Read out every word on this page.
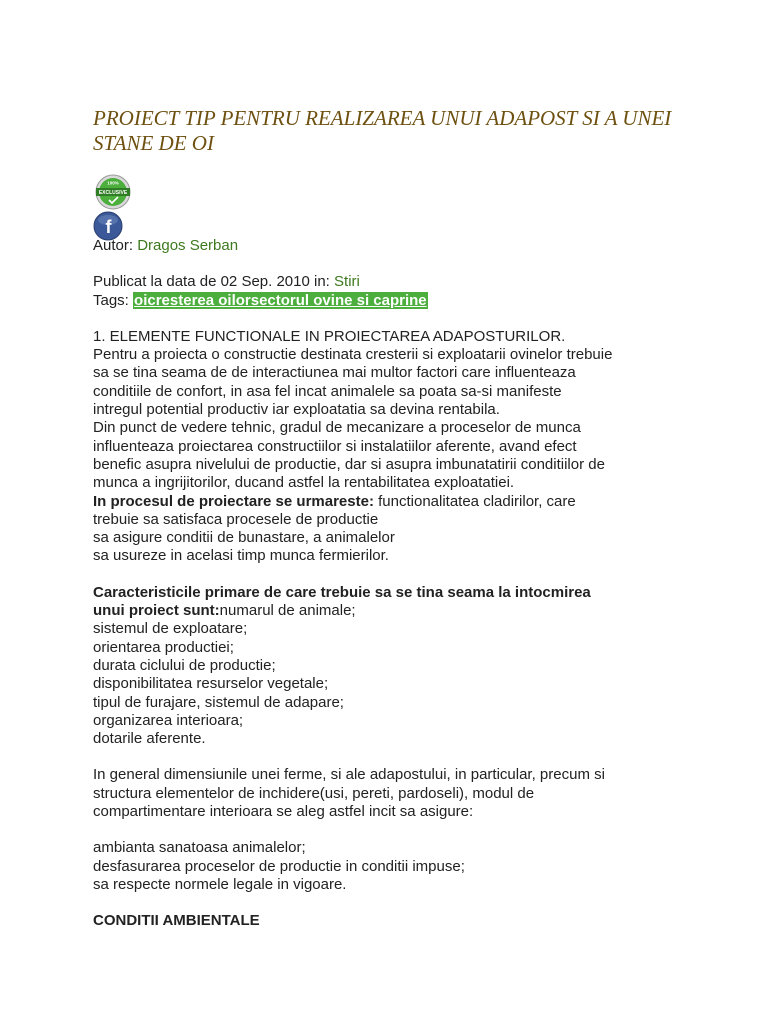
PROIECT TIP PENTRU REALIZAREA UNUI ADAPOST SI A UNEI STANE DE OI
100%
EXCLUSIVE
f

Autor: Dragos Serban

Publicat la data de 02 Sep. 2010 in: Stiri

Tags: oicresterea oilorsectorul ovine si caprine

1. ELEMENTE FUNCTIONALE IN PROIECTAREA ADAPOSTURILOR.

Pentru a proiecta o constructie destinata cresterii si exploatarii ovinelor trebuie

sa se tina seama de de interactiunea mai multor factori care influenteaza

conditiile de confort, in asa fel incat animalele sa poata sa-si manifeste

intregul potential productiv iar exploatatia sa devina rentabila.

Din punct de vedere tehnic, gradul de mecanizare a proceselor de munca

influenteaza proiectarea constructiilor si instalatiilor aferente, avand efect

benefic asupra nivelului de productie, dar si asupra imbunatatirii conditiilor de

munca a ingrijitorilor, ducand astfel la rentabilitatea exploatatiei.

In procesul de proiectare se urmareste: functionalitatea cladirilor, care

trebuie sa satisfaca procesele de productie

sa asigure conditii de bunastare, a animalelor

sa usureze in acelasi timp munca fermierilor.

Caracteristicile primare de care trebuie sa se tina seama la intocmirea

unui proiect sunt:numarul de animale;

sistemul de exploatare;

orientarea productiei;

durata ciclului de productie;

disponibilitatea resurselor vegetale;

tipul de furajare, sistemul de adapare;

organizarea interioara;

dotarile aferente.

In general dimensiunile unei ferme, si ale adapostului, in particular, precum si

structura elementelor de inchidere(usi, pereti, pardoseli), modul de

compartimentare interioara se aleg astfel incit sa asigure:

ambianta sanatoasa animalelor;

desfasurarea proceselor de productie in conditii impuse;

sa respecte normele legale in vigoare.

CONDITII AMBIENTALE
